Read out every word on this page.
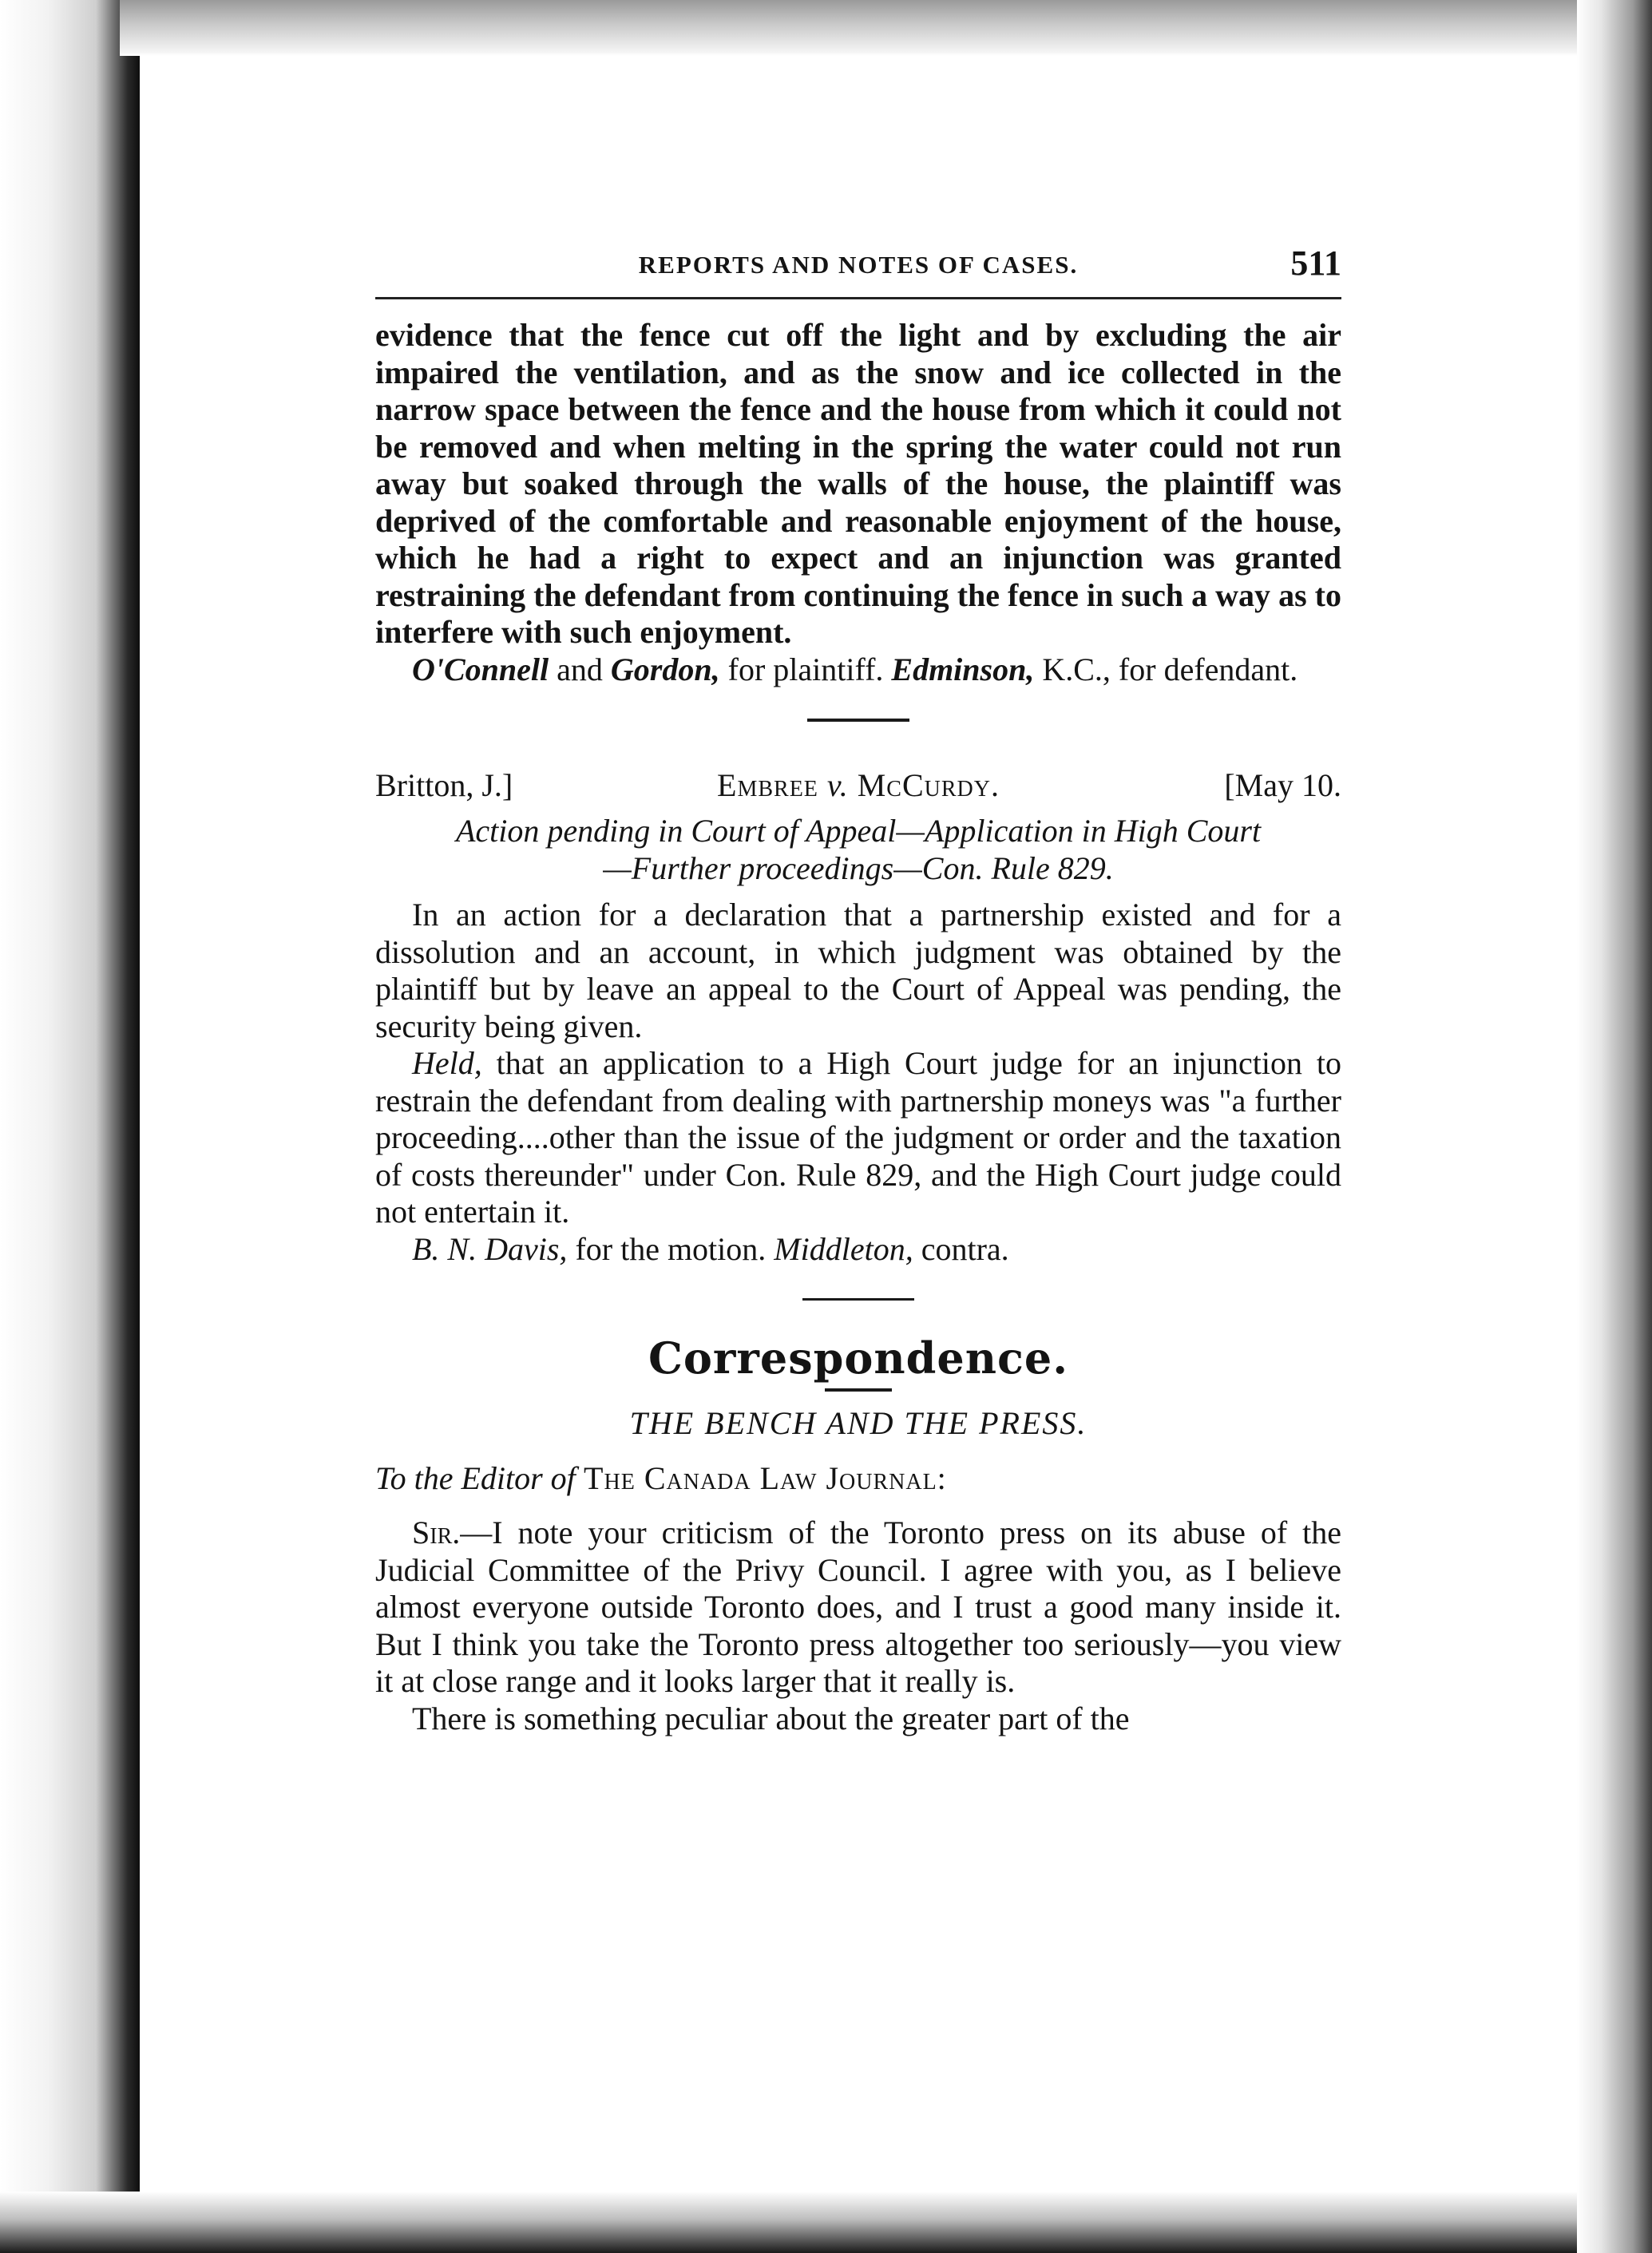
REPORTS AND NOTES OF CASES.	511

evidence that the fence cut off the light and by excluding the air impaired the ventilation, and as the snow and ice collected in the narrow space between the fence and the house from which it could not be removed and when melting in the spring the water could not run away but soaked through the walls of the house, the plaintiff was deprived of the comfortable and reasonable enjoyment of the house, which he had a right to expect and an injunction was granted restraining the defendant from continuing the fence in such a way as to interfere with such enjoyment.

O'Connell and Gordon, for plaintiff. Edminson, K.C., for defendant.

Britton, J.]	Embree v. McCurdy.	[May 10.
Action pending in Court of Appeal—Application in High Court
—Further proceedings—Con. Rule 829.

In an action for a declaration that a partnership existed and for a dissolution and an account, in which judgment was obtained by the plaintiff but by leave an appeal to the Court of Appeal was pending, the security being given.

Held, that an application to a High Court judge for an injunction to restrain the defendant from dealing with partnership moneys was "a further proceeding....other than the issue of the judgment or order and the taxation of costs thereunder" under Con. Rule 829, and the High Court judge could not entertain it.

B. N. Davis, for the motion. Middleton, contra.

Correspondence.
THE BENCH AND THE PRESS.
To the Editor of The Canada Law Journal:

Sir.—I note your criticism of the Toronto press on its abuse of the Judicial Committee of the Privy Council. I agree with you, as I believe almost everyone outside Toronto does, and I trust a good many inside it. But I think you take the Toronto press altogether too seriously—you view it at close range and it looks larger that it really is.

There is something peculiar about the greater part of the
